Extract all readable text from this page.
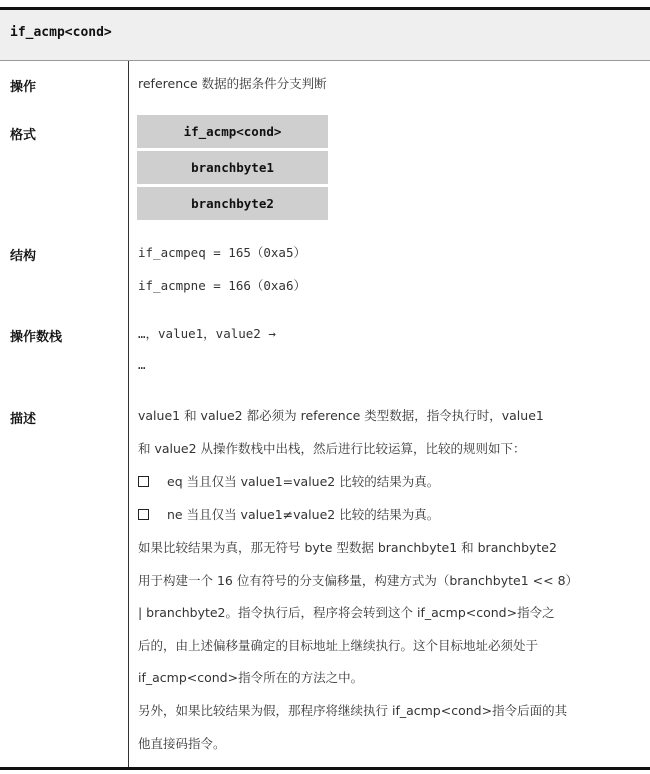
if_acmp<cond>
操作	reference 数据的据条件分支判断
格式	if_acmp<cond>
branchbyte1
branchbyte2
结构	if_acmpeq = 165（0xa5）
if_acmpne = 166（0xa6）
操作数栈	…，value1，value2 →
…
描述	value1 和 value2 都必须为 reference 类型数据，指令执行时，value1
和 value2 从操作数栈中出栈，然后进行比较运算，比较的规则如下：
eq 当且仅当 value1=value2 比较的结果为真。
ne 当且仅当 value1≠value2 比较的结果为真。
如果比较结果为真，那无符号 byte 型数据 branchbyte1 和 branchbyte2
用于构建一个 16 位有符号的分支偏移量，构建方式为（branchbyte1 << 8）
| branchbyte2。指令执行后，程序将会转到这个 if_acmp<cond>指令之
后的，由上述偏移量确定的目标地址上继续执行。这个目标地址必须处于
if_acmp<cond>指令所在的方法之中。
另外，如果比较结果为假，那程序将继续执行 if_acmp<cond>指令后面的其
他直接码指令。
